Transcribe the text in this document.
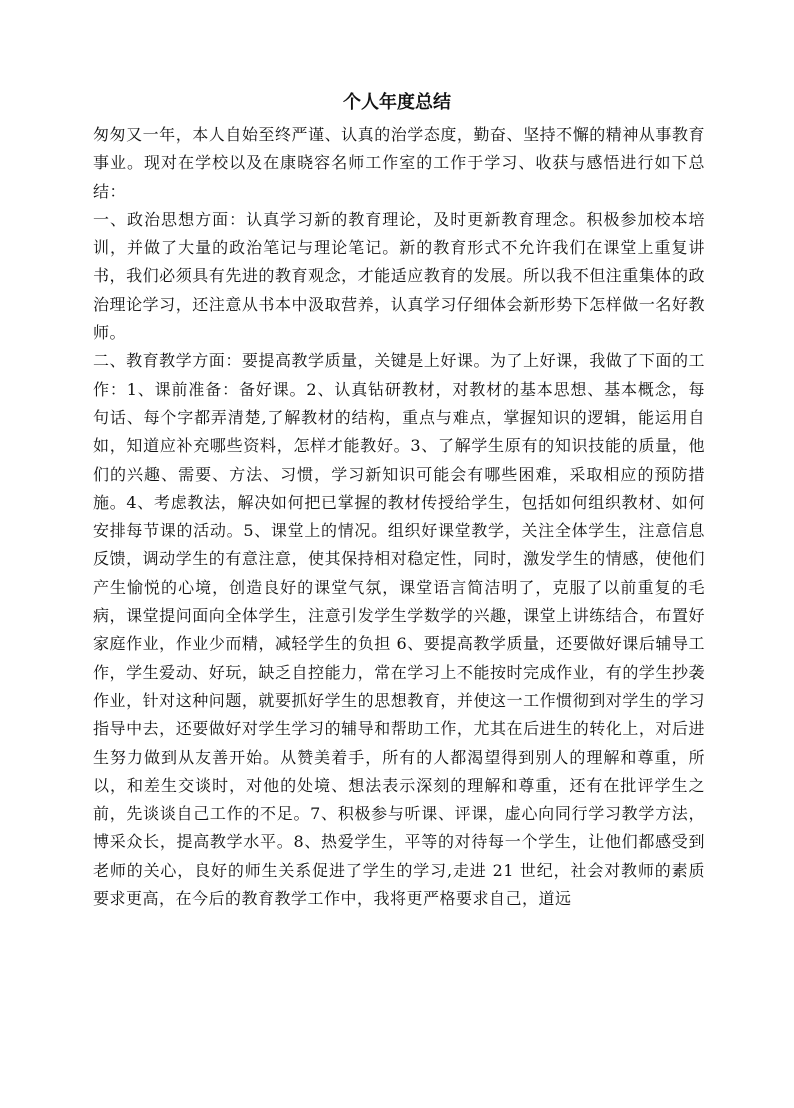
个人年度总结

匆匆又一年，本人自始至终严谨、认真的治学态度，勤奋、坚持不懈的精神从事教育事业。现对在学校以及在康晓容名师工作室的工作于学习、收获与感悟进行如下总结：

一、政治思想方面：认真学习新的教育理论，及时更新教育理念。积极参加校本培训，并做了大量的政治笔记与理论笔记。新的教育形式不允许我们在课堂上重复讲书，我们必须具有先进的教育观念，才能适应教育的发展。所以我不但注重集体的政治理论学习，还注意从书本中汲取营养，认真学习仔细体会新形势下怎样做一名好教师。

二、教育教学方面：要提高教学质量，关键是上好课。为了上好课，我做了下面的工作：1、课前准备：备好课。2、认真钻研教材，对教材的基本思想、基本概念，每句话、每个字都弄清楚,了解教材的结构，重点与难点，掌握知识的逻辑，能运用自如，知道应补充哪些资料，怎样才能教好。3、了解学生原有的知识技能的质量，他们的兴趣、需要、方法、习惯，学习新知识可能会有哪些困难，采取相应的预防措施。4、考虑教法，解决如何把已掌握的教材传授给学生，包括如何组织教材、如何安排每节课的活动。5、课堂上的情况。组织好课堂教学，关注全体学生，注意信息反馈，调动学生的有意注意，使其保持相对稳定性，同时，激发学生的情感，使他们产生愉悦的心境，创造良好的课堂气氛，课堂语言简洁明了，克服了以前重复的毛病，课堂提问面向全体学生，注意引发学生学数学的兴趣，课堂上讲练结合，布置好家庭作业，作业少而精，减轻学生的负担 6、要提高教学质量，还要做好课后辅导工作，学生爱动、好玩，缺乏自控能力，常在学习上不能按时完成作业，有的学生抄袭作业，针对这种问题，就要抓好学生的思想教育，并使这一工作惯彻到对学生的学习指导中去，还要做好对学生学习的辅导和帮助工作，尤其在后进生的转化上，对后进生努力做到从友善开始。从赞美着手，所有的人都渴望得到别人的理解和尊重，所以，和差生交谈时，对他的处境、想法表示深刻的理解和尊重，还有在批评学生之前，先谈谈自己工作的不足。7、积极参与听课、评课，虚心向同行学习教学方法，博采众长，提高教学水平。8、热爱学生，平等的对待每一个学生，让他们都感受到老师的关心，良好的师生关系促进了学生的学习,走进 21 世纪，社会对教师的素质要求更高，在今后的教育教学工作中，我将更严格要求自己，道远
